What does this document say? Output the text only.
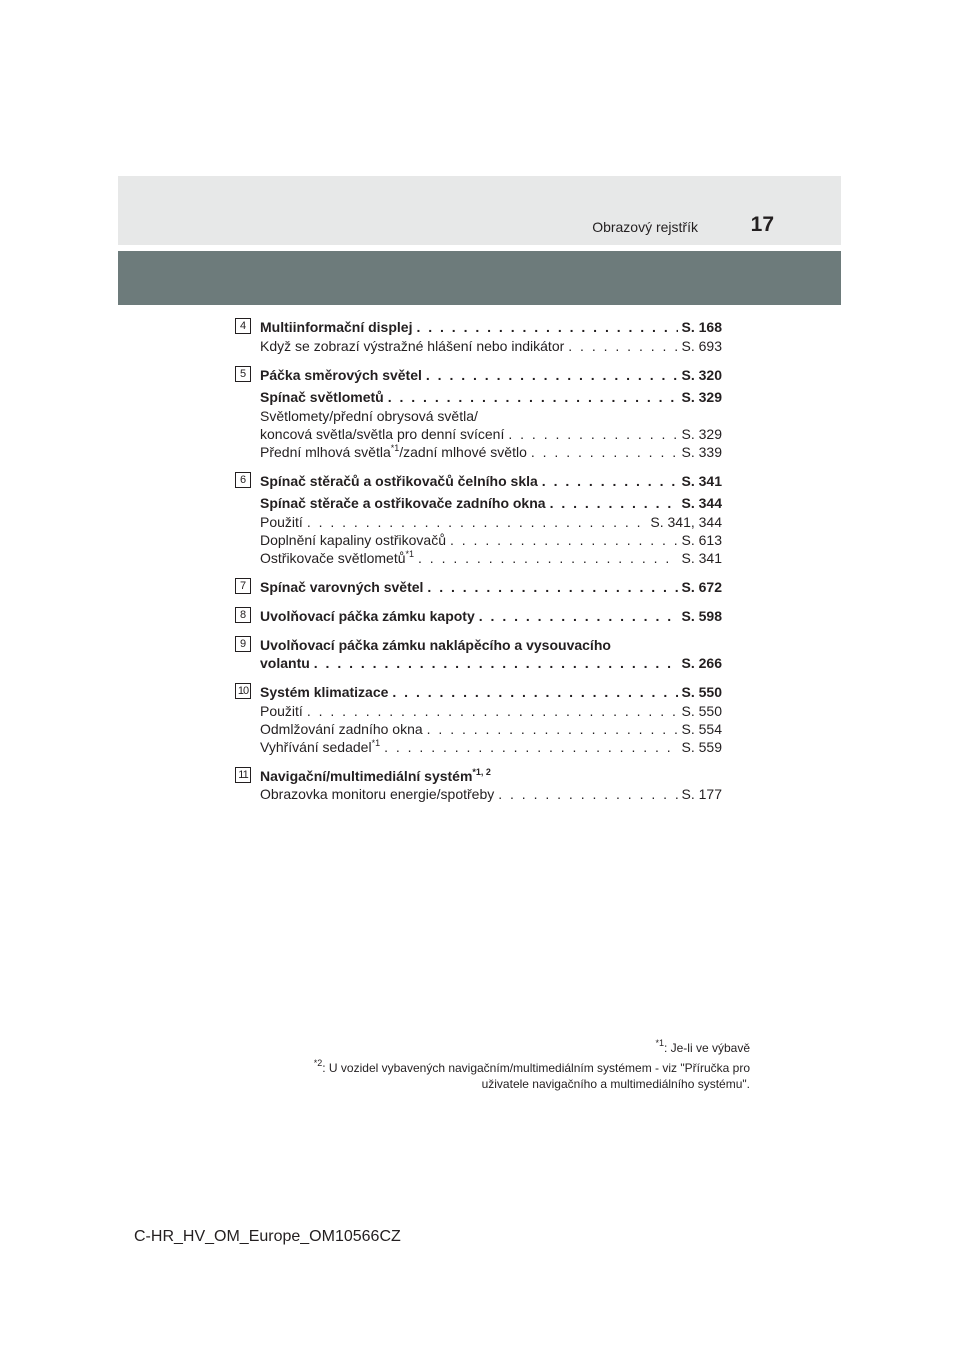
Obrazový rejstřík	17
4 Multiinformační displej . . .	S. 168
Když se zobrazí výstražné hlášení nebo indikátor . . .	S. 693
5 Páčka směrových světel . . .	S. 320
Spínač světlometů . . .	S. 329
Světlomety/přední obrysová světla/
koncová světla/světla pro denní svícení . . .	S. 329
Přední mlhová světla$^{*1}$/zadní mlhové světlo . . .	S. 339
6 Spínač stěračů a ostřikovačů čelního skla . . .	S. 341
Spínač stěrače a ostřikovače zadního okna . . .	S. 344
Použití . . .	S. 341, 344
Doplnění kapaliny ostřikovačů . . .	S. 613
Ostřikovače světlometů$^{*1}$ . . .	S. 341
7 Spínač varovných světel . . .	S. 672
8 Uvolňovací páčka zámku kapoty . . .	S. 598
9 Uvolňovací páčka zámku naklápěcího a vysouvacího
volantu . . .	S. 266
10 Systém klimatizace . . .	S. 550
Použití . . .	S. 550
Odmlžování zadního okna . . .	S. 554
Vyhřívání sedadel$^{*1}$ . . .	S. 559
11 Navigační/multimediální systém$^{*1, 2}$
Obrazovka monitoru energie/spotřeby . . .	S. 177
$^{*1}$: Je-li ve výbavě
$^{*2}$: U vozidel vybavených navigačním/multimediálním systémem - viz "Příručka pro uživatele navigačního a multimediálního systému".
C-HR_HV_OM_Europe_OM10566CZ
